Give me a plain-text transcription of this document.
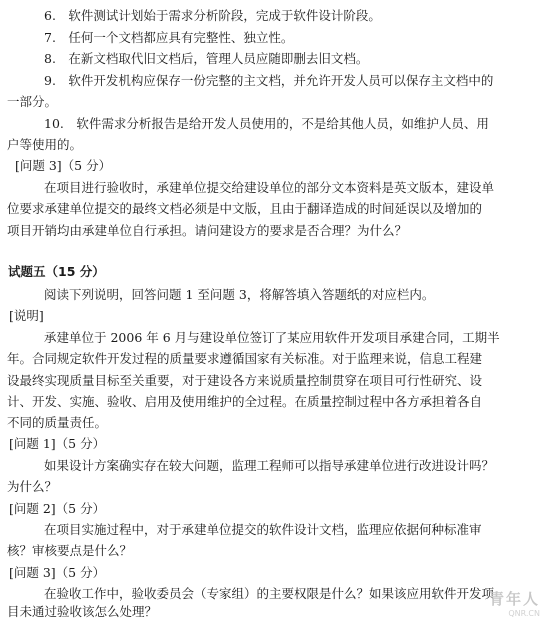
6.　软件测试计划始于需求分析阶段，完成于软件设计阶段。
7.　任何一个文档都应具有完整性、独立性。
8.　在新文档取代旧文档后，管理人员应随即删去旧文档。
9.　软件开发机构应保存一份完整的主文档，并允许开发人员可以保存主文档中的
一部分。
10.　软件需求分析报告是给开发人员使用的，不是给其他人员，如维护人员、用
户等使用的。
[问题 3]（5 分）
在项目进行验收时，承建单位提交给建设单位的部分文本资料是英文版本，建设单
位要求承建单位提交的最终文档必须是中文版，且由于翻译造成的时间延误以及增加的
项目开销均由承建单位自行承担。请问建设方的要求是否合理？为什么？
试题五（15 分）
阅读下列说明，回答问题 1 至问题 3，将解答填入答题纸的对应栏内。
[说明]
承建单位于 2006 年 6 月与建设单位签订了某应用软件开发项目承建合同，工期半
年。合同规定软件开发过程的质量要求遵循国家有关标准。对于监理来说，信息工程建
设最终实现质量目标至关重要，对于建设各方来说质量控制贯穿在项目可行性研究、设
计、开发、实施、验收、启用及使用维护的全过程。在质量控制过程中各方承担着各自
不同的质量责任。
[问题 1]（5 分）
如果设计方案确实存在较大问题，监理工程师可以指导承建单位进行改进设计吗？
为什么？
[问题 2]（5 分）
在项目实施过程中，对于承建单位提交的软件设计文档，监理应依据何种标准审
核？审核要点是什么？
[问题 3]（5 分）
在验收工作中，验收委员会（专家组）的主要权限是什么？如果该应用软件开发项
目未通过验收该怎么处理？
青年人
QNR.CN
